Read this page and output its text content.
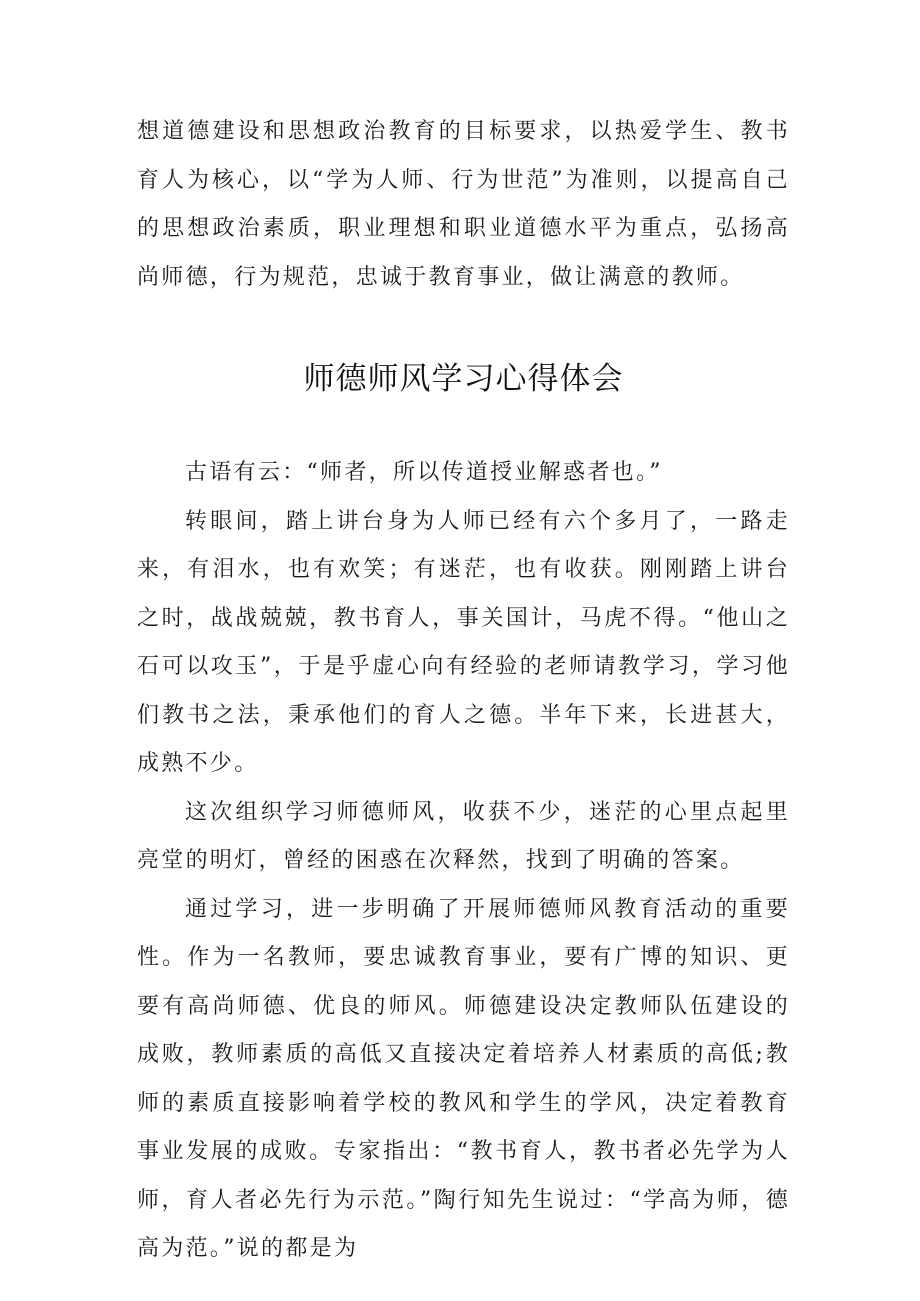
想道德建设和思想政治教育的目标要求，以热爱学生、教书育人为核心，以“学为人师、行为世范”为准则，以提高自己的思想政治素质，职业理想和职业道德水平为重点，弘扬高尚师德，行为规范，忠诚于教育事业，做让满意的教师。

师德师风学习心得体会

古语有云：“师者，所以传道授业解惑者也。”

转眼间，踏上讲台身为人师已经有六个多月了，一路走来，有泪水，也有欢笑；有迷茫，也有收获。刚刚踏上讲台之时，战战兢兢，教书育人，事关国计，马虎不得。“他山之石可以攻玉”，于是乎虚心向有经验的老师请教学习，学习他们教书之法，秉承他们的育人之德。半年下来，长进甚大，成熟不少。

这次组织学习师德师风，收获不少，迷茫的心里点起里亮堂的明灯，曾经的困惑在次释然，找到了明确的答案。

通过学习，进一步明确了开展师德师风教育活动的重要性。作为一名教师，要忠诚教育事业，要有广博的知识、更要有高尚师德、优良的师风。师德建设决定教师队伍建设的成败，教师素质的高低又直接决定着培养人材素质的高低;教师的素质直接影响着学校的教风和学生的学风，决定着教育事业发展的成败。专家指出：“教书育人，教书者必先学为人师，育人者必先行为示范。”陶行知先生说过：“学高为师，德高为范。”说的都是为
